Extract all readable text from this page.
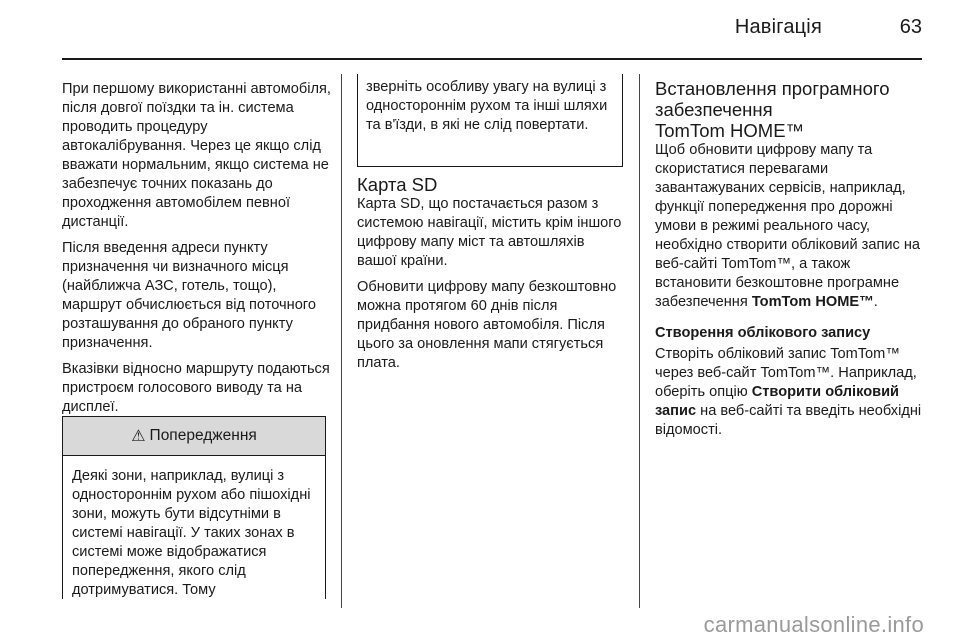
Навігація	63

При першому використанні автомобіля, після довгої поїздки та ін. система проводить процедуру автокалібрування. Через це якщо слід вважати нормальним, якщо система не забезпечує точних показань до проходження автомобілем певної дистанції.

Після введення адреси пункту призначення чи визначного місця (найближча АЗС, готель, тощо), маршрут обчислюється від поточного розташування до обраного пункту призначення.

Вказівки відносно маршруту подаються пристроєм голосового виводу та на дисплеї.

⚠ Попередження
Деякі зони, наприклад, вулиці з одностороннім рухом або пішохідні зони, можуть бути відсутніми в системі навігації. У таких зонах в системі може відображатися попередження, якого слід дотримуватися. Тому
зверніть особливу увагу на вулиці з одностороннім рухом та інші шляхи та в'їзди, в які не слід повертати.
Карта SD

Карта SD, що постачається разом з системою навігації, містить крім іншого цифрову мапу міст та автошляхів вашої країни.

Обновити цифрову мапу безкоштовно можна протягом 60 днів після придбання нового автомобіля. Після цього за оновлення мапи стягується плата.

Встановлення програмного
забезпечення
TomTom HOME™

Щоб обновити цифрову мапу та скористатися перевагами завантажуваних сервісів, наприклад, функції попередження про дорожні умови в режимі реального часу, необхідно створити обліковий запис на веб-сайті TomTom™, а також встановити безкоштовне програмне забезпечення TomTom HOME™.

Створення облікового запису

Створіть обліковий запис TomTom™ через веб-сайт TomTom™. Наприклад, оберіть опцію Створити обліковий запис на веб-сайті та введіть необхідні відомості.

carmanualsonline.info
